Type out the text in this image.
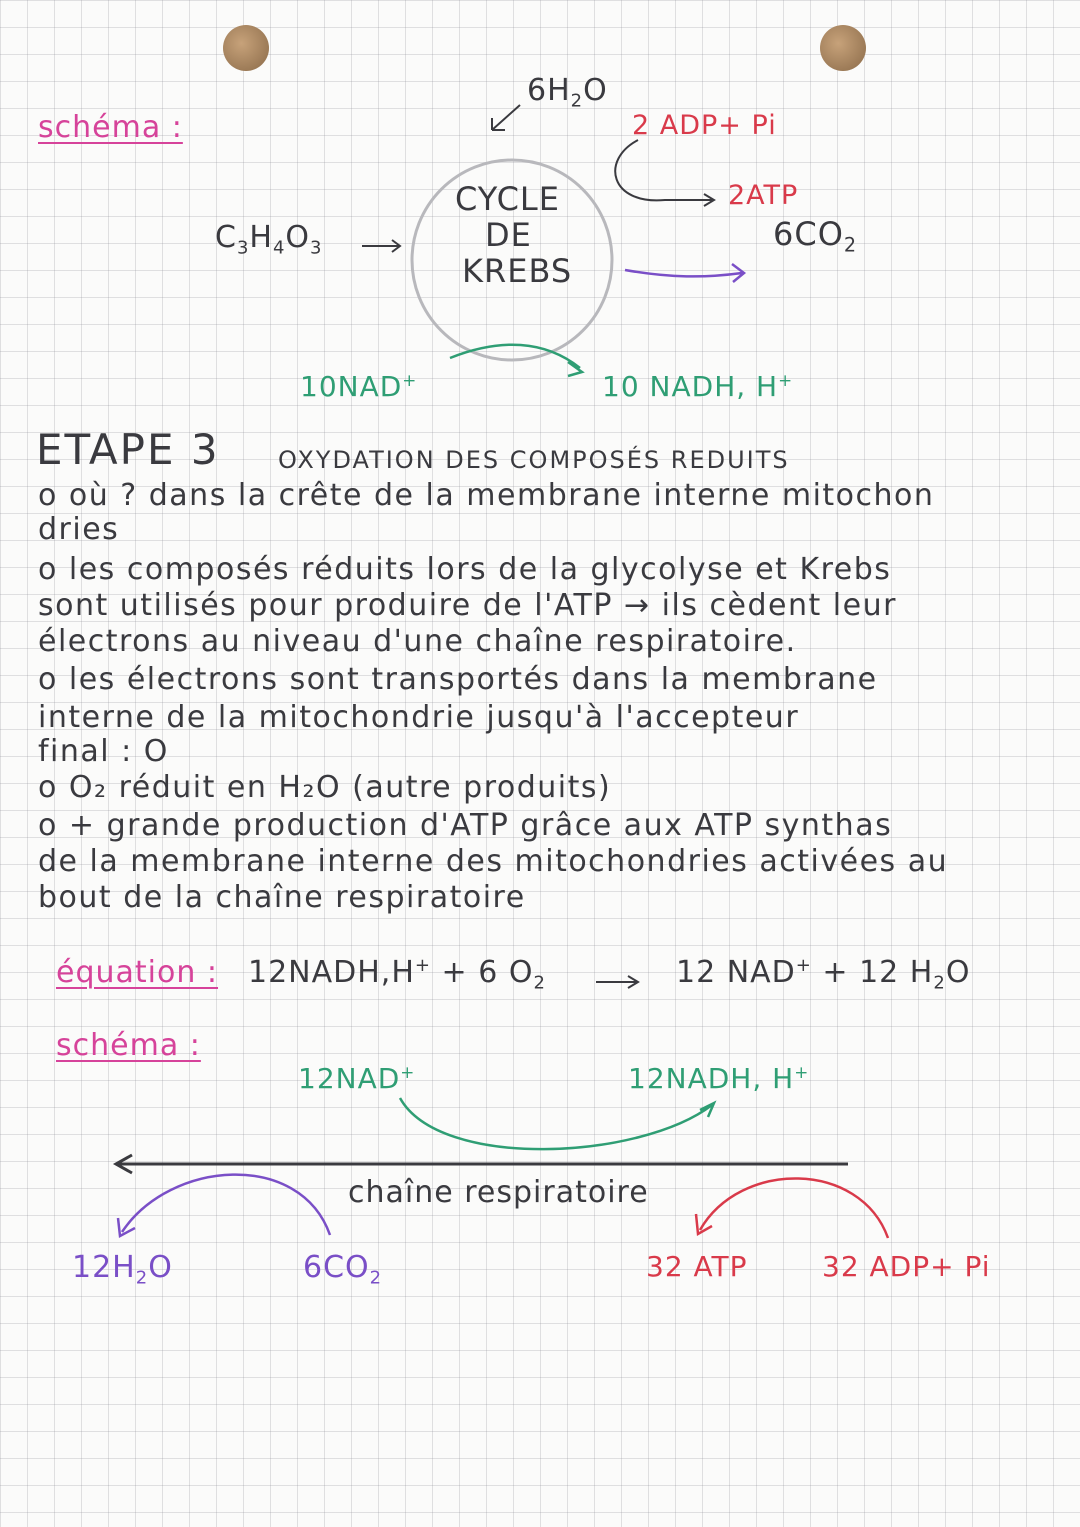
schéma :
$6H_2O$
2 ADP+ Pi
2ATP
$6CO_2$
$C_3H_4O_3$
CYCLE
DE
KREBS
10NAD+	10 NADH, H+
ETAPE 3 OXYDATION DES COMPOSÉS REDUITS
o où ? dans la crête de la membrane interne mitochon
dries
o les composés réduits lors de la glycolyse et Krebs
sont utilisés pour produire de l'ATP → ils cèdent leur
électrons au niveau d'une chaîne respiratoire.
o les électrons sont transportés dans la membrane
interne de la mitochondrie jusqu'à l'accepteur
final : O
o O₂ réduit en H₂O (autre produits)
o + grande production d'ATP grâce aux ATP synthas
de la membrane interne des mitochondries activées au
bout de la chaîne respiratoire
équation : 12NADH,H+ + 6 $O_2$	12 NAD+ + 12 $H_2O$
schéma :
12NAD+	12NADH, H+
chaîne respiratoire
$12H_2O$	$6CO_2$	32 ATP	32 ADP+ Pi
